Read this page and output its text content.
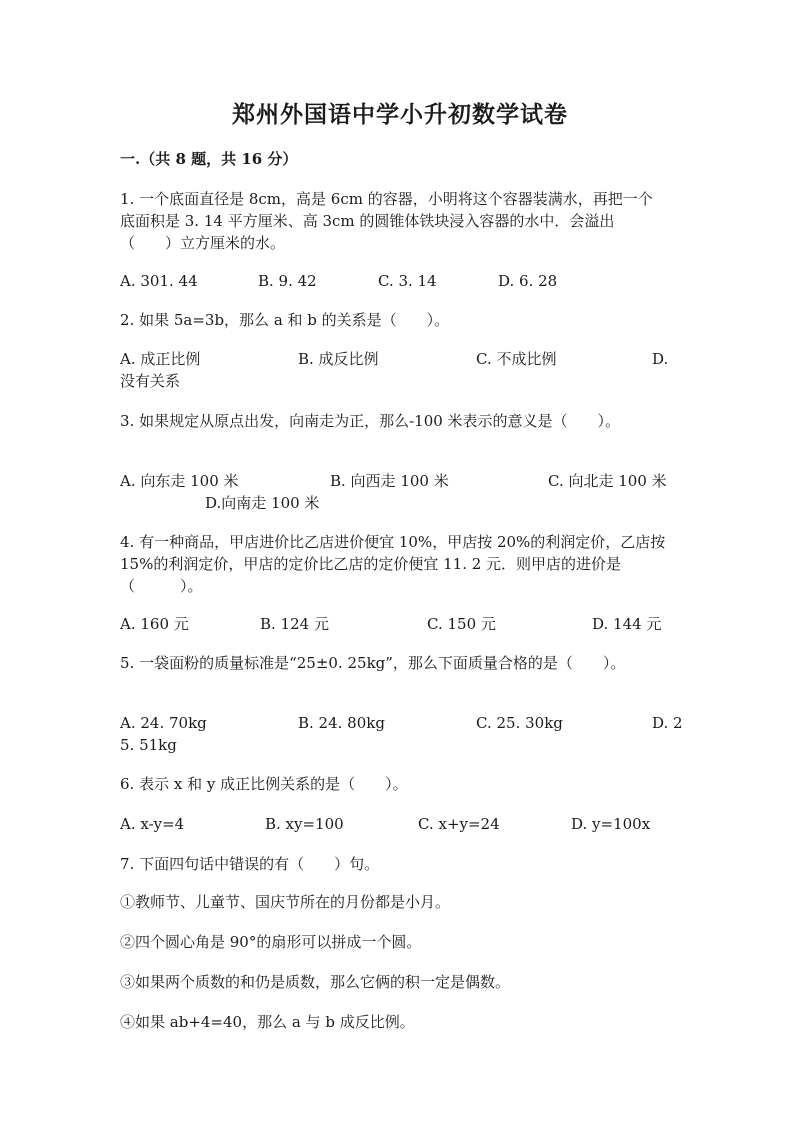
郑州外国语中学小升初数学试卷
一.（共 8 题，共 16 分）
1. 一个底面直径是 8cm，高是 6cm 的容器，小明将这个容器装满水，再把一个
底面积是 3. 14 平方厘米、高 3cm 的圆锥体铁块浸入容器的水中．会溢出
（　　）立方厘米的水。
A. 301. 44	B. 9. 42	C. 3. 14	D. 6. 28
2. 如果 5a=3b，那么 a 和 b 的关系是（　　）。
A. 成正比例	B. 成反比例	C. 不成比例	D.
没有关系
3. 如果规定从原点出发，向南走为正，那么-100 米表示的意义是（　　）。
A. 向东走 100 米	B. 向西走 100 米	C. 向北走 100 米
D.向南走 100 米
4. 有一种商品，甲店进价比乙店进价便宜 10%，甲店按 20%的利润定价，乙店按
15%的利润定价，甲店的定价比乙店的定价便宜 11. 2 元．则甲店的进价是
（　　　）。
A. 160 元	B. 124 元	C. 150 元	D. 144 元
5. 一袋面粉的质量标准是“25±0. 25kg”，那么下面质量合格的是（　　）。
A. 24. 70kg	B. 24. 80kg	C. 25. 30kg	D. 2
5. 51kg
6. 表示 x 和 y 成正比例关系的是（　　）。
A. x-y=4	B. xy=100	C. x+y=24	D. y=100x
7. 下面四句话中错误的有（　　）句。
①教师节、儿童节、国庆节所在的月份都是小月。
②四个圆心角是 90°的扇形可以拼成一个圆。
③如果两个质数的和仍是质数，那么它俩的积一定是偶数。
④如果 ab+4=40，那么 a 与 b 成反比例。
